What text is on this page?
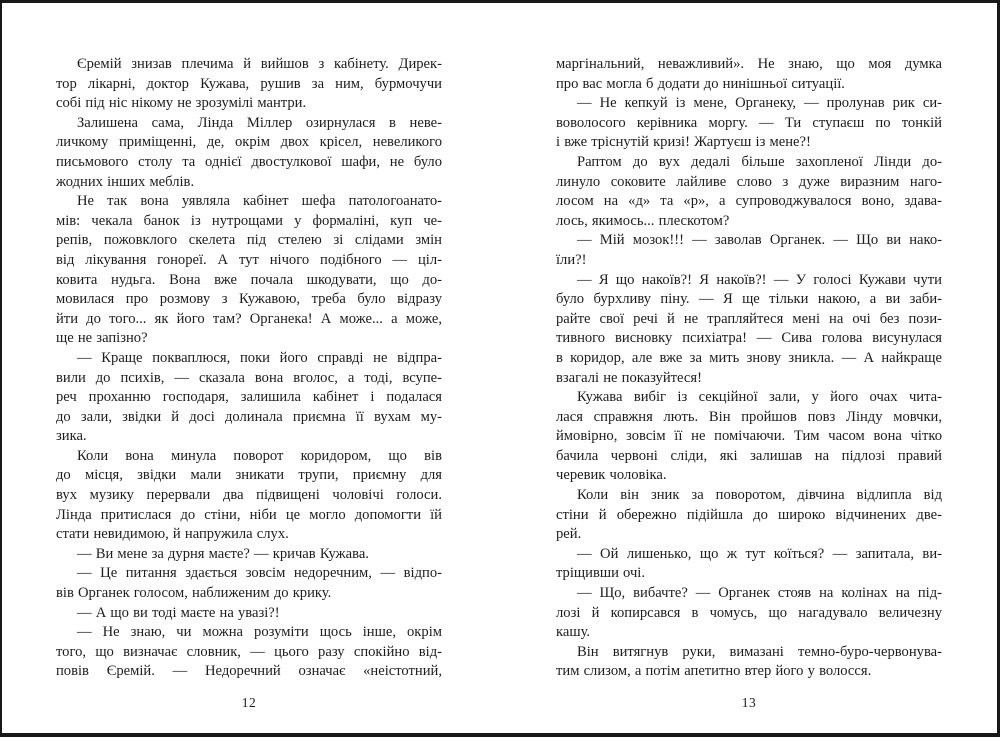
Єремій знизав плечима й вийшов з кабінету. Дирек-
тор лікарні, доктор Кужава, рушив за ним, бурмочучи
собі під ніс нікому не зрозумілі мантри.
Залишена сама, Лінда Міллер озирнулася в неве-
личкому приміщенні, де, окрім двох крісел, невеликого
письмового столу та однієї двостулкової шафи, не було
жодних інших меблів.
Не так вона уявляла кабінет шефа патологоанато-
мів: чекала банок із нутрощами у формаліні, куп че-
репів, пожовклого скелета під стелею зі слідами змін
від лікування гонореї. А тут нічого подібного — ціл-
ковита нудьга. Вона вже почала шкодувати, що до-
мовилася про розмову з Кужавою, треба було відразу
йти до того... як його там? Органека! А може... а може,
ще не запізно?
— Краще покваплюся, поки його справді не відпра-
вили до психів, — сказала вона вголос, а тоді, всупе-
реч проханню господаря, залишила кабінет і подалася
до зали, звідки й досі долинала приємна її вухам му-
зика.
Коли вона минула поворот коридором, що вів
до місця, звідки мали зникати трупи, приємну для
вух музику перервали два підвищені чоловічі голоси.
Лінда притислася до стіни, ніби це могло допомогти їй
стати невидимою, й напружила слух.
— Ви мене за дурня маєте? — кричав Кужава.
— Це питання здається зовсім недоречним, — відпо-
вів Органек голосом, наближеним до крику.
— А що ви тоді маєте на увазі?!
— Не знаю, чи можна розуміти щось інше, окрім
того, що визначає словник, — цього разу спокійно від-
повів Єремій. — Недоречний означає «неістотний,
12
маргінальний, неважливий». Не знаю, що моя думка
про вас могла б додати до нинішньої ситуації.
— Не кепкуй із мене, Органеку, — пролунав рик си-
воволосого керівника моргу. — Ти ступаєш по тонкій
і вже тріснутій кризі! Жартуєш із мене?!
Раптом до вух дедалі більше захопленої Лінди до-
линуло соковите лайливе слово з дуже виразним наго-
лосом на «д» та «р», а супроводжувалося воно, здава-
лось, якимось... плескотом?
— Мій мозок!!! — заволав Органек. — Що ви нако-
їли?!
— Я що накоїв?! Я накоїв?! — У голосі Кужави чути
було бурхливу піну. — Я ще тільки накою, а ви заби-
райте свої речі й не трапляйтеся мені на очі без пози-
тивного висновку психіатра! — Сива голова висунулася
в коридор, але вже за мить знову зникла. — А найкраще
взагалі не показуйтеся!
Кужава вибіг із секційної зали, у його очах чита-
лася справжня лють. Він пройшов повз Лінду мовчки,
ймовірно, зовсім її не помічаючи. Тим часом вона чітко
бачила червоні сліди, які залишав на підлозі правий
черевик чоловіка.
Коли він зник за поворотом, дівчина відлипла від
стіни й обережно підійшла до широко відчинених две-
рей.
— Ой лишенько, що ж тут коїться? — запитала, ви-
тріщивши очі.
— Що, вибачте? — Органек стояв на колінах на під-
лозі й копирсався в чомусь, що нагадувало величезну
кашу.
Він витягнув руки, вимазані темно-буро-червонува-
тим слизом, а потім апетитно втер його у волосся.
13
